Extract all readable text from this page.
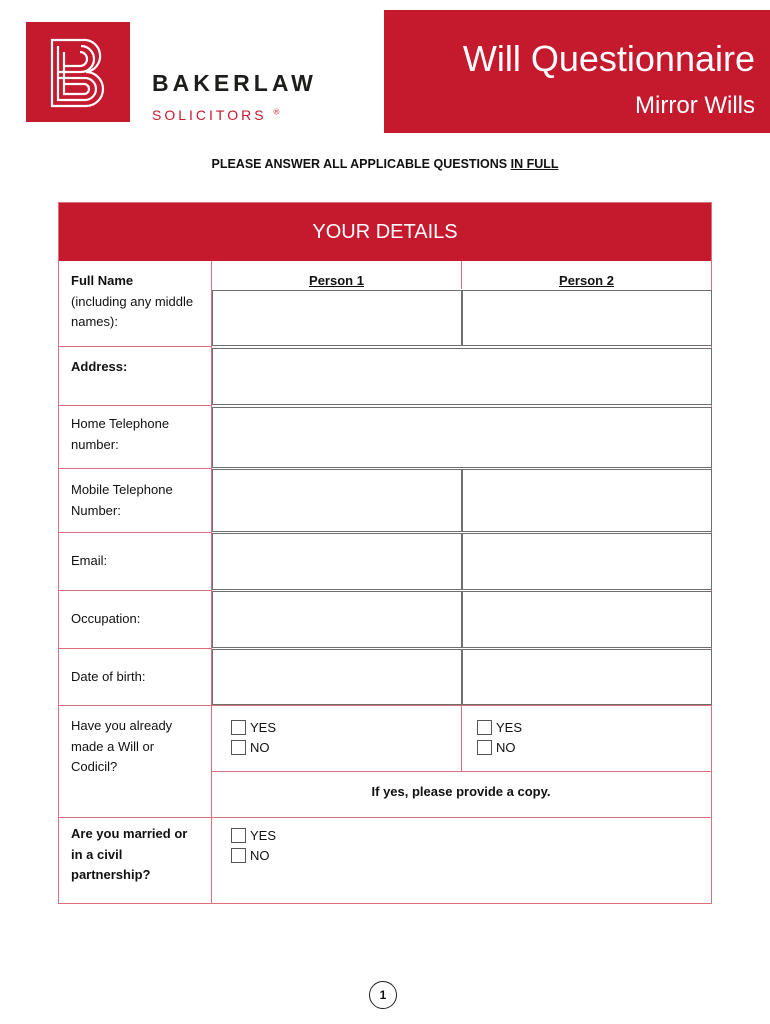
BAKERLAW
SOLICITORS ®
Will Questionnaire
Mirror Wills
PLEASE ANSWER ALL APPLICABLE QUESTIONS IN FULL
YOUR DETAILS
Person 1	Person 2
Full Name
(including any middle names):
Address:
Home Telephone number:
Mobile Telephone Number:
Email:
Occupation:
Date of birth:
Have you already made a Will or Codicil?
Are you married or in a civil partnership?
YES
NO
YES
NO
If yes, please provide a copy.
YES
NO
1
